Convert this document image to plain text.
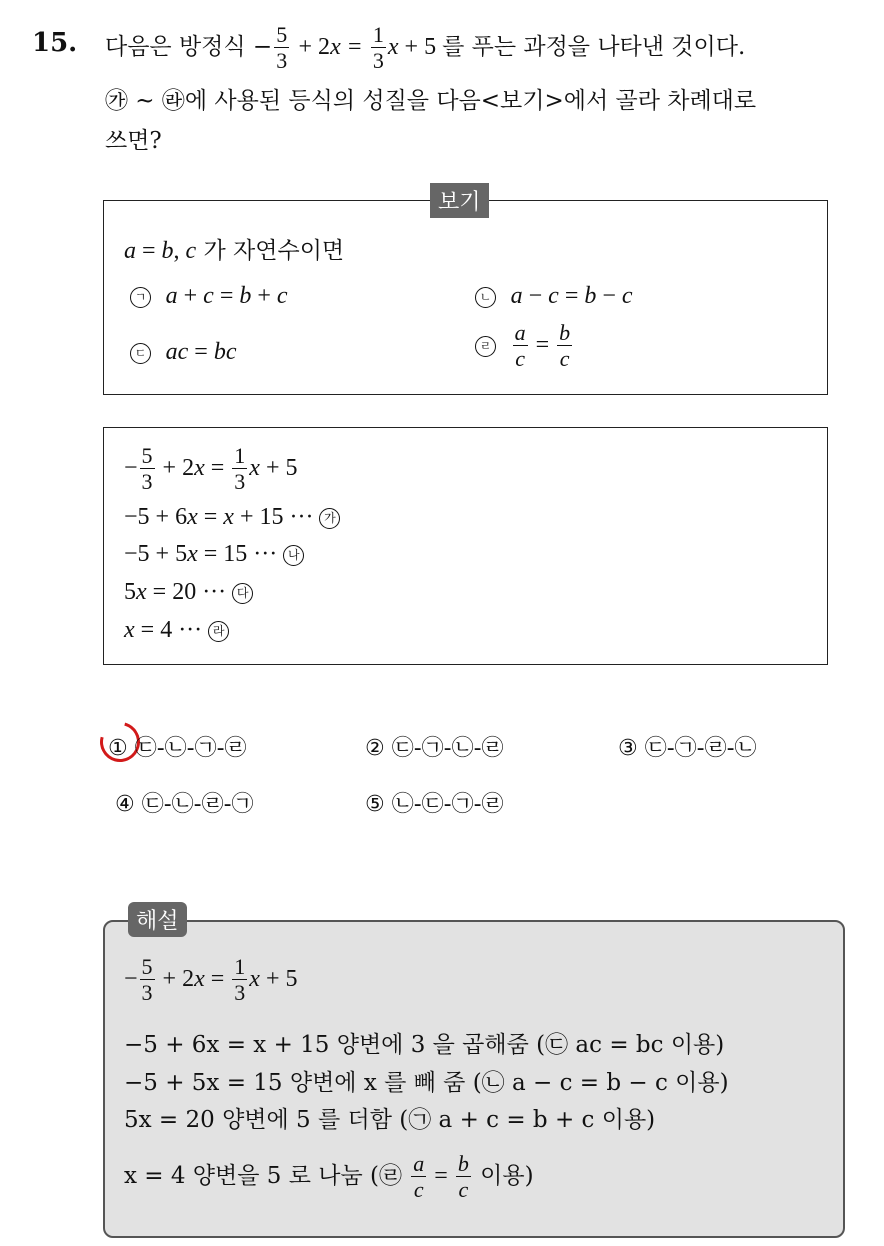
15. 다음은 방정식 − $\frac{5}{3} + 2x = \frac{1}{3}$ x + 5 를 푸는 과정을 나타낸 것이다.
㉮ ~ ㉱에 사용된 등식의 성질을 다음<보기>에서 골라 차례대로
쓰면?
보기
a = b, c 가 자연수이면
ㄱ a + c = b + c	ㄴ a − c = b − c
ㄷ ac = bc	ㄹ $\frac{a}{c} = \frac{b}{c}$
− $\frac{5}{3} + 2x = \frac{1}{3}$ x + 5
−5 + 6x = x + 15 ··· 가
−5 + 5x = 15 ··· 나
5x = 20 ··· 다
x = 4 ··· 라
① ㉢-㉡-㉠-㉣	② ㉢-㉠-㉡-㉣	③ ㉢-㉠-㉣-㉡
④ ㉢-㉡-㉣-㉠	⑤ ㉡-㉢-㉠-㉣
해설
− $\frac{5}{3} + 2x = \frac{1}{3}$ x + 5
−5 + 6x = x + 15 양변에 3 을 곱해줌 (㉢ ac = bc 이용)
−5 + 5x = 15 양변에 x 를 빼 줌 (㉡ a − c = b − c 이용)
5x = 20 양변에 5 를 더함 (㉠ a + c = b + c 이용)
x = 4 양변을 5 로 나눔 (㉣ $\frac{a}{c} = \frac{b}{c}$ 이용)
